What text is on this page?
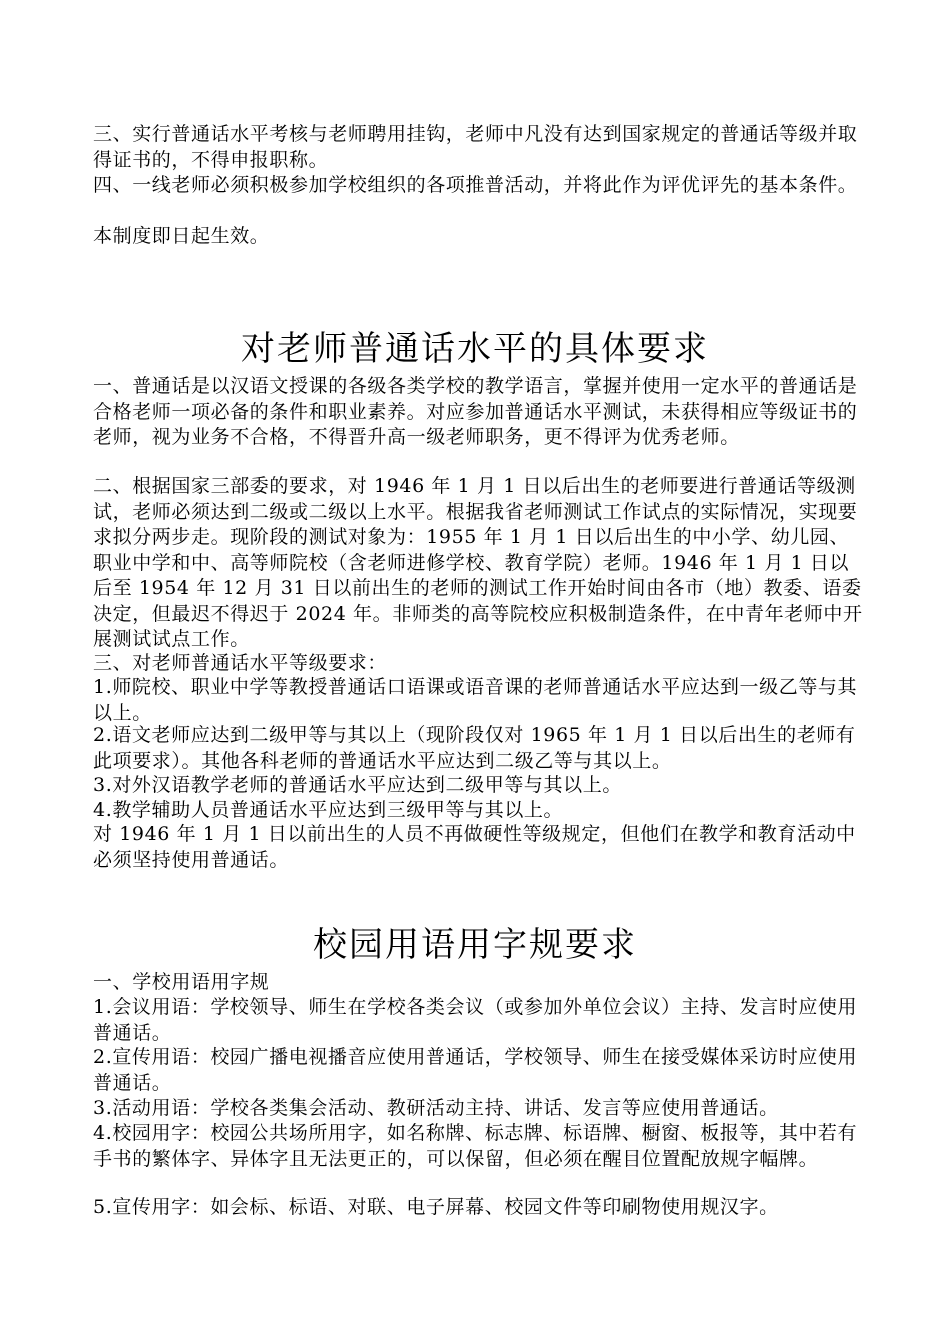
三、实行普通话水平考核与老师聘用挂钩，老师中凡没有达到国家规定的普通话等级并取得证书的，不得申报职称。

四、一线老师必须积极参加学校组织的各项推普活动，并将此作为评优评先的基本条件。

本制度即日起生效。

对老师普通话水平的具体要求

一、普通话是以汉语文授课的各级各类学校的教学语言，掌握并使用一定水平的普通话是合格老师一项必备的条件和职业素养。对应参加普通话水平测试，未获得相应等级证书的老师，视为业务不合格，不得晋升高一级老师职务，更不得评为优秀老师。

二、根据国家三部委的要求，对 1946 年 1 月 1 日以后出生的老师要进行普通话等级测试，老师必须达到二级或二级以上水平。根据我省老师测试工作试点的实际情况，实现要求拟分两步走。现阶段的测试对象为：1955 年 1 月 1 日以后出生的中小学、幼儿园、职业中学和中、高等师院校（含老师进修学校、教育学院）老师。1946 年 1 月 1 日以后至 1954 年 12 月 31 日以前出生的老师的测试工作开始时间由各市（地）教委、语委决定，但最迟不得迟于 2024 年。非师类的高等院校应积极制造条件，在中青年老师中开展测试试点工作。

三、对老师普通话水平等级要求：

1.师院校、职业中学等教授普通话口语课或语音课的老师普通话水平应达到一级乙等与其以上。

2.语文老师应达到二级甲等与其以上（现阶段仅对 1965 年 1 月 1 日以后出生的老师有此项要求）。其他各科老师的普通话水平应达到二级乙等与其以上。

3.对外汉语教学老师的普通话水平应达到二级甲等与其以上。

4.教学辅助人员普通话水平应达到三级甲等与其以上。

对 1946 年 1 月 1 日以前出生的人员不再做硬性等级规定，但他们在教学和教育活动中 必须坚持使用普通话。

校园用语用字规要求

一、学校用语用字规

1.会议用语：学校领导、师生在学校各类会议（或参加外单位会议）主持、发言时应使用普通话。

2.宣传用语：校园广播电视播音应使用普通话，学校领导、师生在接受媒体采访时应使用普通话。

3.活动用语：学校各类集会活动、教研活动主持、讲话、发言等应使用普通话。

4.校园用字：校园公共场所用字，如名称牌、标志牌、标语牌、橱窗、板报等，其中若有手书的繁体字、异体字且无法更正的，可以保留，但必须在醒目位置配放规字幅牌。

5.宣传用字：如会标、标语、对联、电子屏幕、校园文件等印刷物使用规汉字。
